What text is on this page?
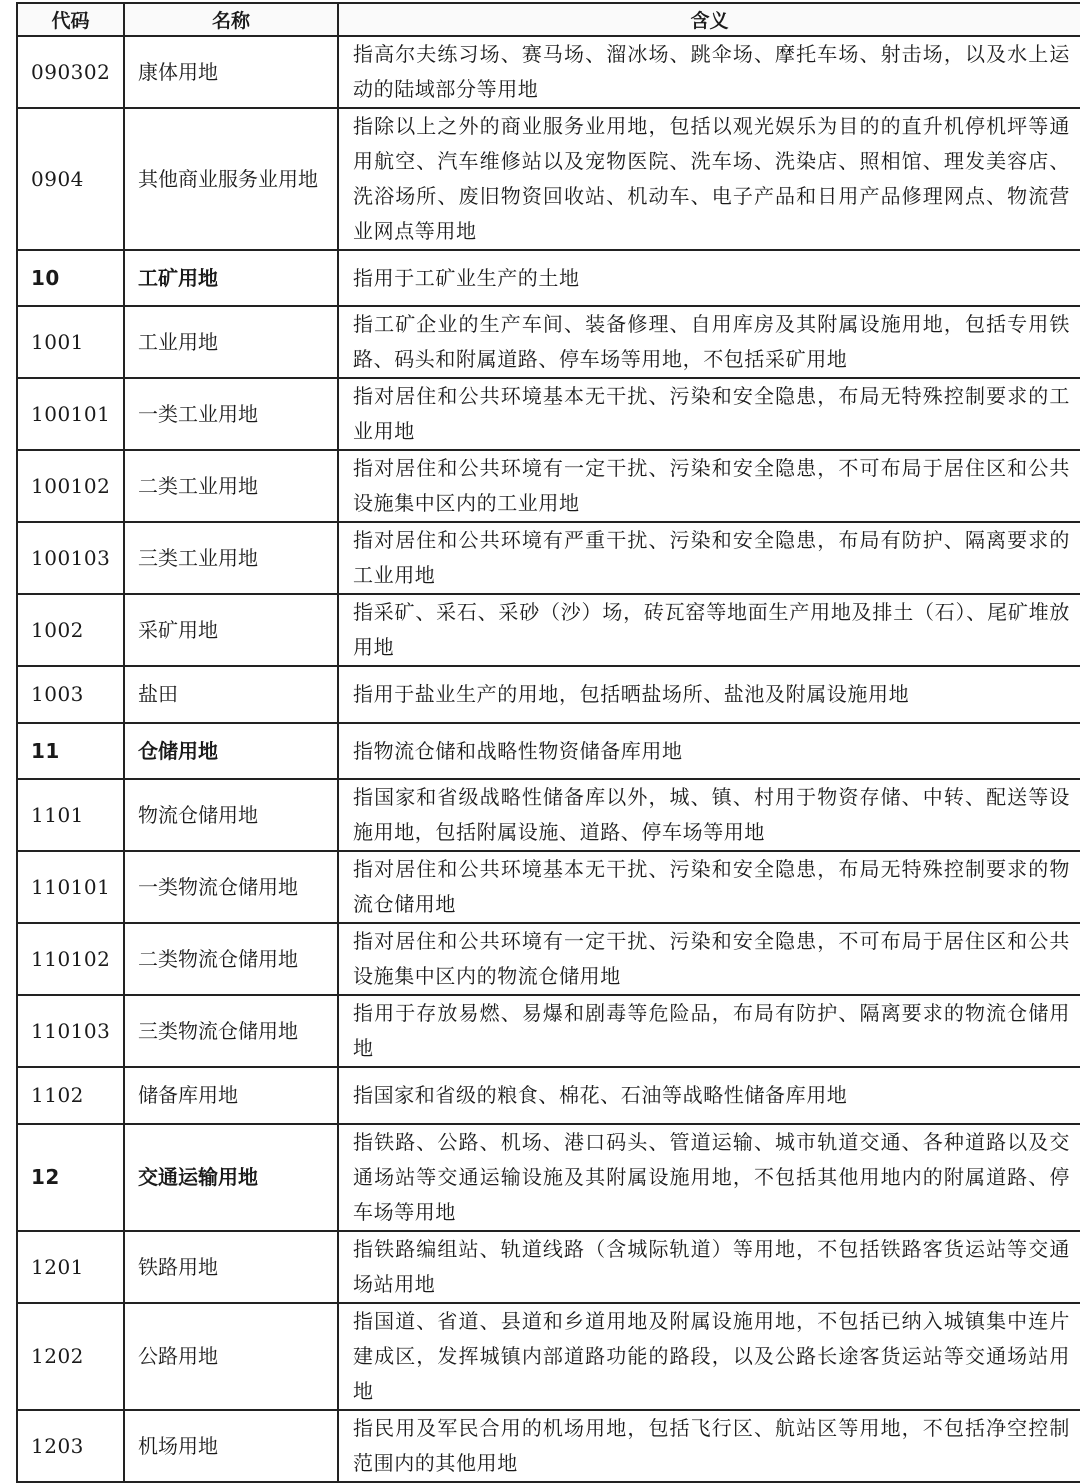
代码	名称	含义
090302	康体用地	指高尔夫练习场、赛马场、溜冰场、跳伞场、摩托车场、射击场，以及水上运动的陆域部分等用地
0904	其他商业服务业用地	指除以上之外的商业服务业用地，包括以观光娱乐为目的的直升机停机坪等通用航空、汽车维修站以及宠物医院、洗车场、洗染店、照相馆、理发美容店、洗浴场所、废旧物资回收站、机动车、电子产品和日用产品修理网点、物流营业网点等用地
10	工矿用地	指用于工矿业生产的土地
1001	工业用地	指工矿企业的生产车间、装备修理、自用库房及其附属设施用地，包括专用铁路、码头和附属道路、停车场等用地，不包括采矿用地
100101	一类工业用地	指对居住和公共环境基本无干扰、污染和安全隐患，布局无特殊控制要求的工业用地
100102	二类工业用地	指对居住和公共环境有一定干扰、污染和安全隐患，不可布局于居住区和公共设施集中区内的工业用地
100103	三类工业用地	指对居住和公共环境有严重干扰、污染和安全隐患，布局有防护、隔离要求的工业用地
1002	采矿用地	指采矿、采石、采砂（沙）场，砖瓦窑等地面生产用地及排土（石）、尾矿堆放用地
1003	盐田	指用于盐业生产的用地，包括晒盐场所、盐池及附属设施用地
11	仓储用地	指物流仓储和战略性物资储备库用地
1101	物流仓储用地	指国家和省级战略性储备库以外，城、镇、村用于物资存储、中转、配送等设施用地，包括附属设施、道路、停车场等用地
110101	一类物流仓储用地	指对居住和公共环境基本无干扰、污染和安全隐患，布局无特殊控制要求的物流仓储用地
110102	二类物流仓储用地	指对居住和公共环境有一定干扰、污染和安全隐患，不可布局于居住区和公共设施集中区内的物流仓储用地
110103	三类物流仓储用地	指用于存放易燃、易爆和剧毒等危险品，布局有防护、隔离要求的物流仓储用地
1102	储备库用地	指国家和省级的粮食、棉花、石油等战略性储备库用地
12	交通运输用地	指铁路、公路、机场、港口码头、管道运输、城市轨道交通、各种道路以及交通场站等交通运输设施及其附属设施用地，不包括其他用地内的附属道路、停车场等用地
1201	铁路用地	指铁路编组站、轨道线路（含城际轨道）等用地，不包括铁路客货运站等交通场站用地
1202	公路用地	指国道、省道、县道和乡道用地及附属设施用地，不包括已纳入城镇集中连片建成区，发挥城镇内部道路功能的路段，以及公路长途客货运站等交通场站用地
1203	机场用地	指民用及军民合用的机场用地，包括飞行区、航站区等用地，不包括净空控制范围内的其他用地
